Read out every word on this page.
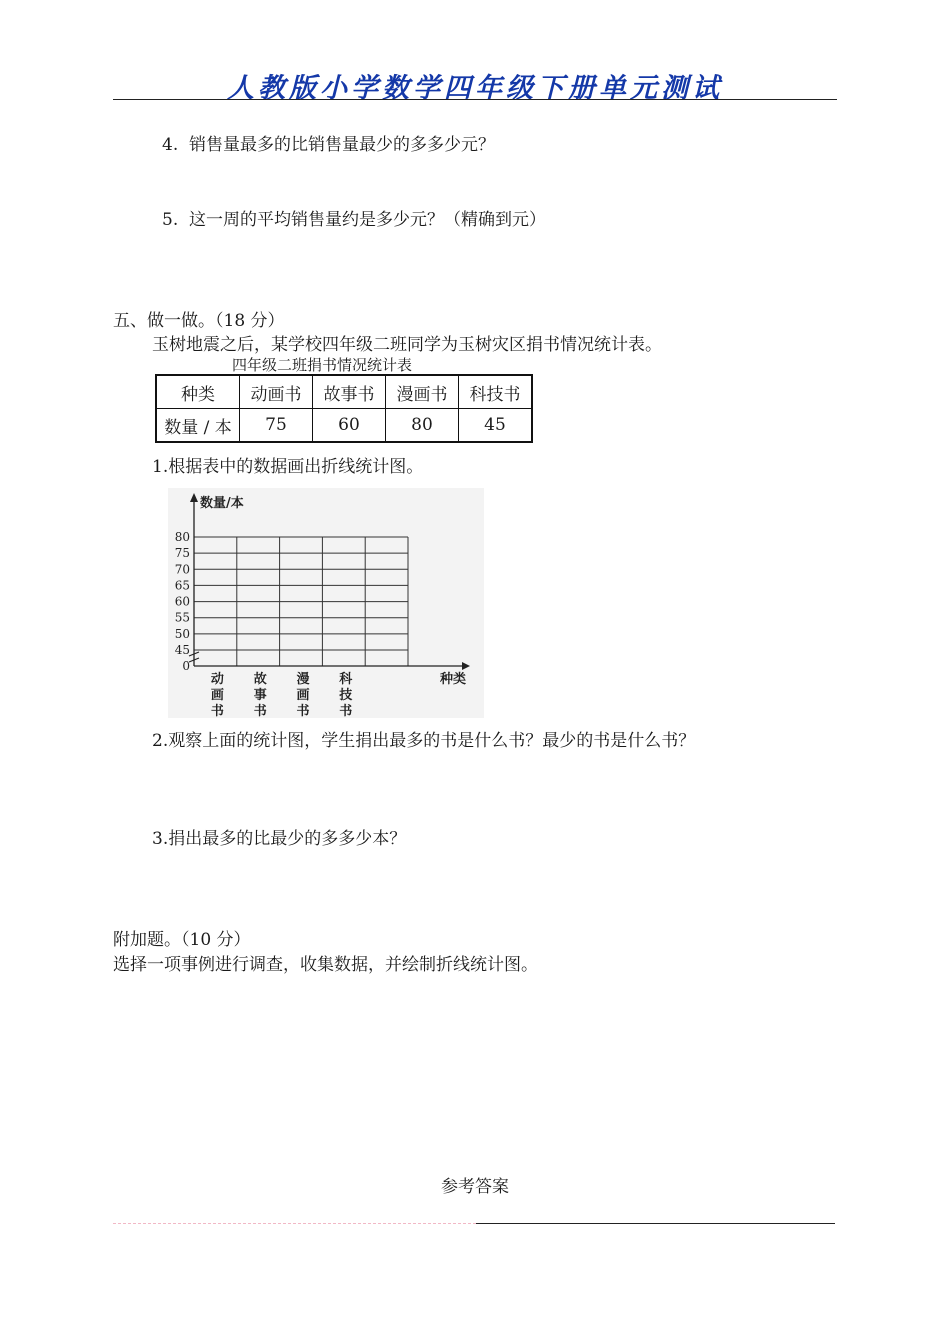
人教版小学数学四年级下册单元测试
4. 销售量最多的比销售量最少的多多少元？
5. 这一周的平均销售量约是多少元？（精确到元）
五、做一做。（18 分）
玉树地震之后，某学校四年级二班同学为玉树灾区捐书情况统计表。
四年级二班捐书情况统计表
种类	动画书	故事书	漫画书	科技书
数量 / 本	75	60	80	45
1.根据表中的数据画出折线统计图。
80
75
70
65
60
55
50
45
0
数量/本
种类
动
画
书
故
事
书
漫
画
书
科
技
书
2.观察上面的统计图，学生捐出最多的书是什么书？最少的书是什么书？
3.捐出最多的比最少的多多少本？
附加题。（10 分）
选择一项事例进行调查，收集数据，并绘制折线统计图。
参考答案
